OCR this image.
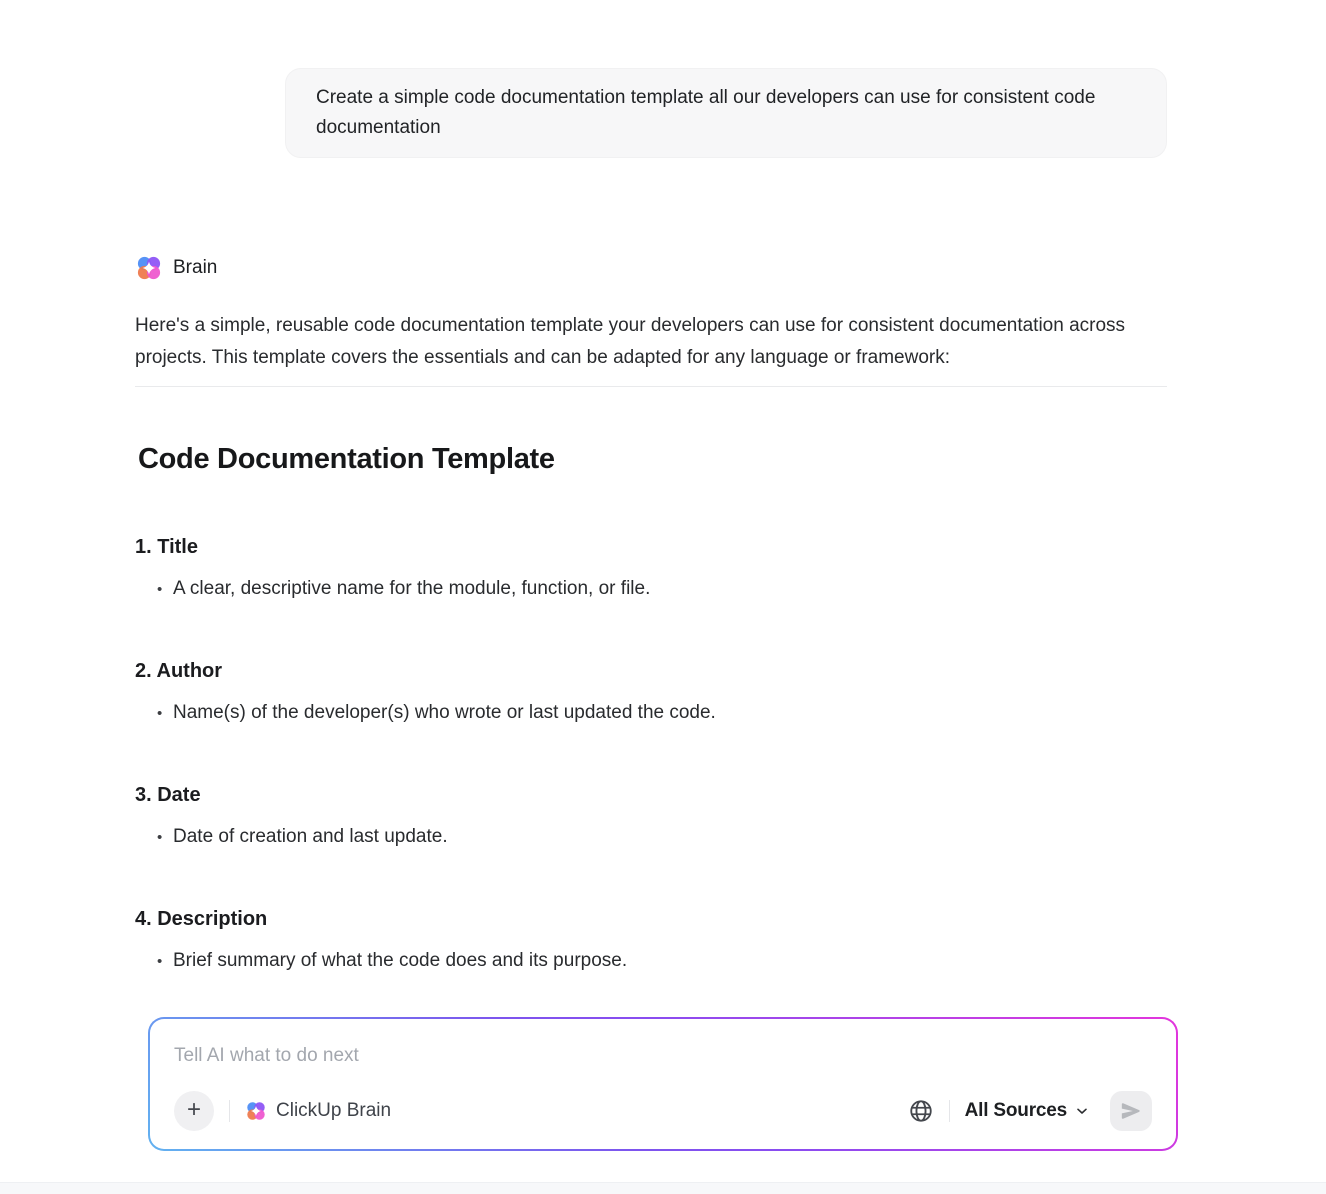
Create a simple code documentation template all our developers can use for consistent code documentation
Brain

Here's a simple, reusable code documentation template your developers can use for consistent documentation across projects. This template covers the essentials and can be adapted for any language or framework:

Code Documentation Template
1. Title
• A clear, descriptive name for the module, function, or file.
2. Author
• Name(s) of the developer(s) who wrote or last updated the code.
3. Date
• Date of creation and last update.
4. Description
• Brief summary of what the code does and its purpose.
Tell AI what to do next
+	ClickUp Brain	All Sources
